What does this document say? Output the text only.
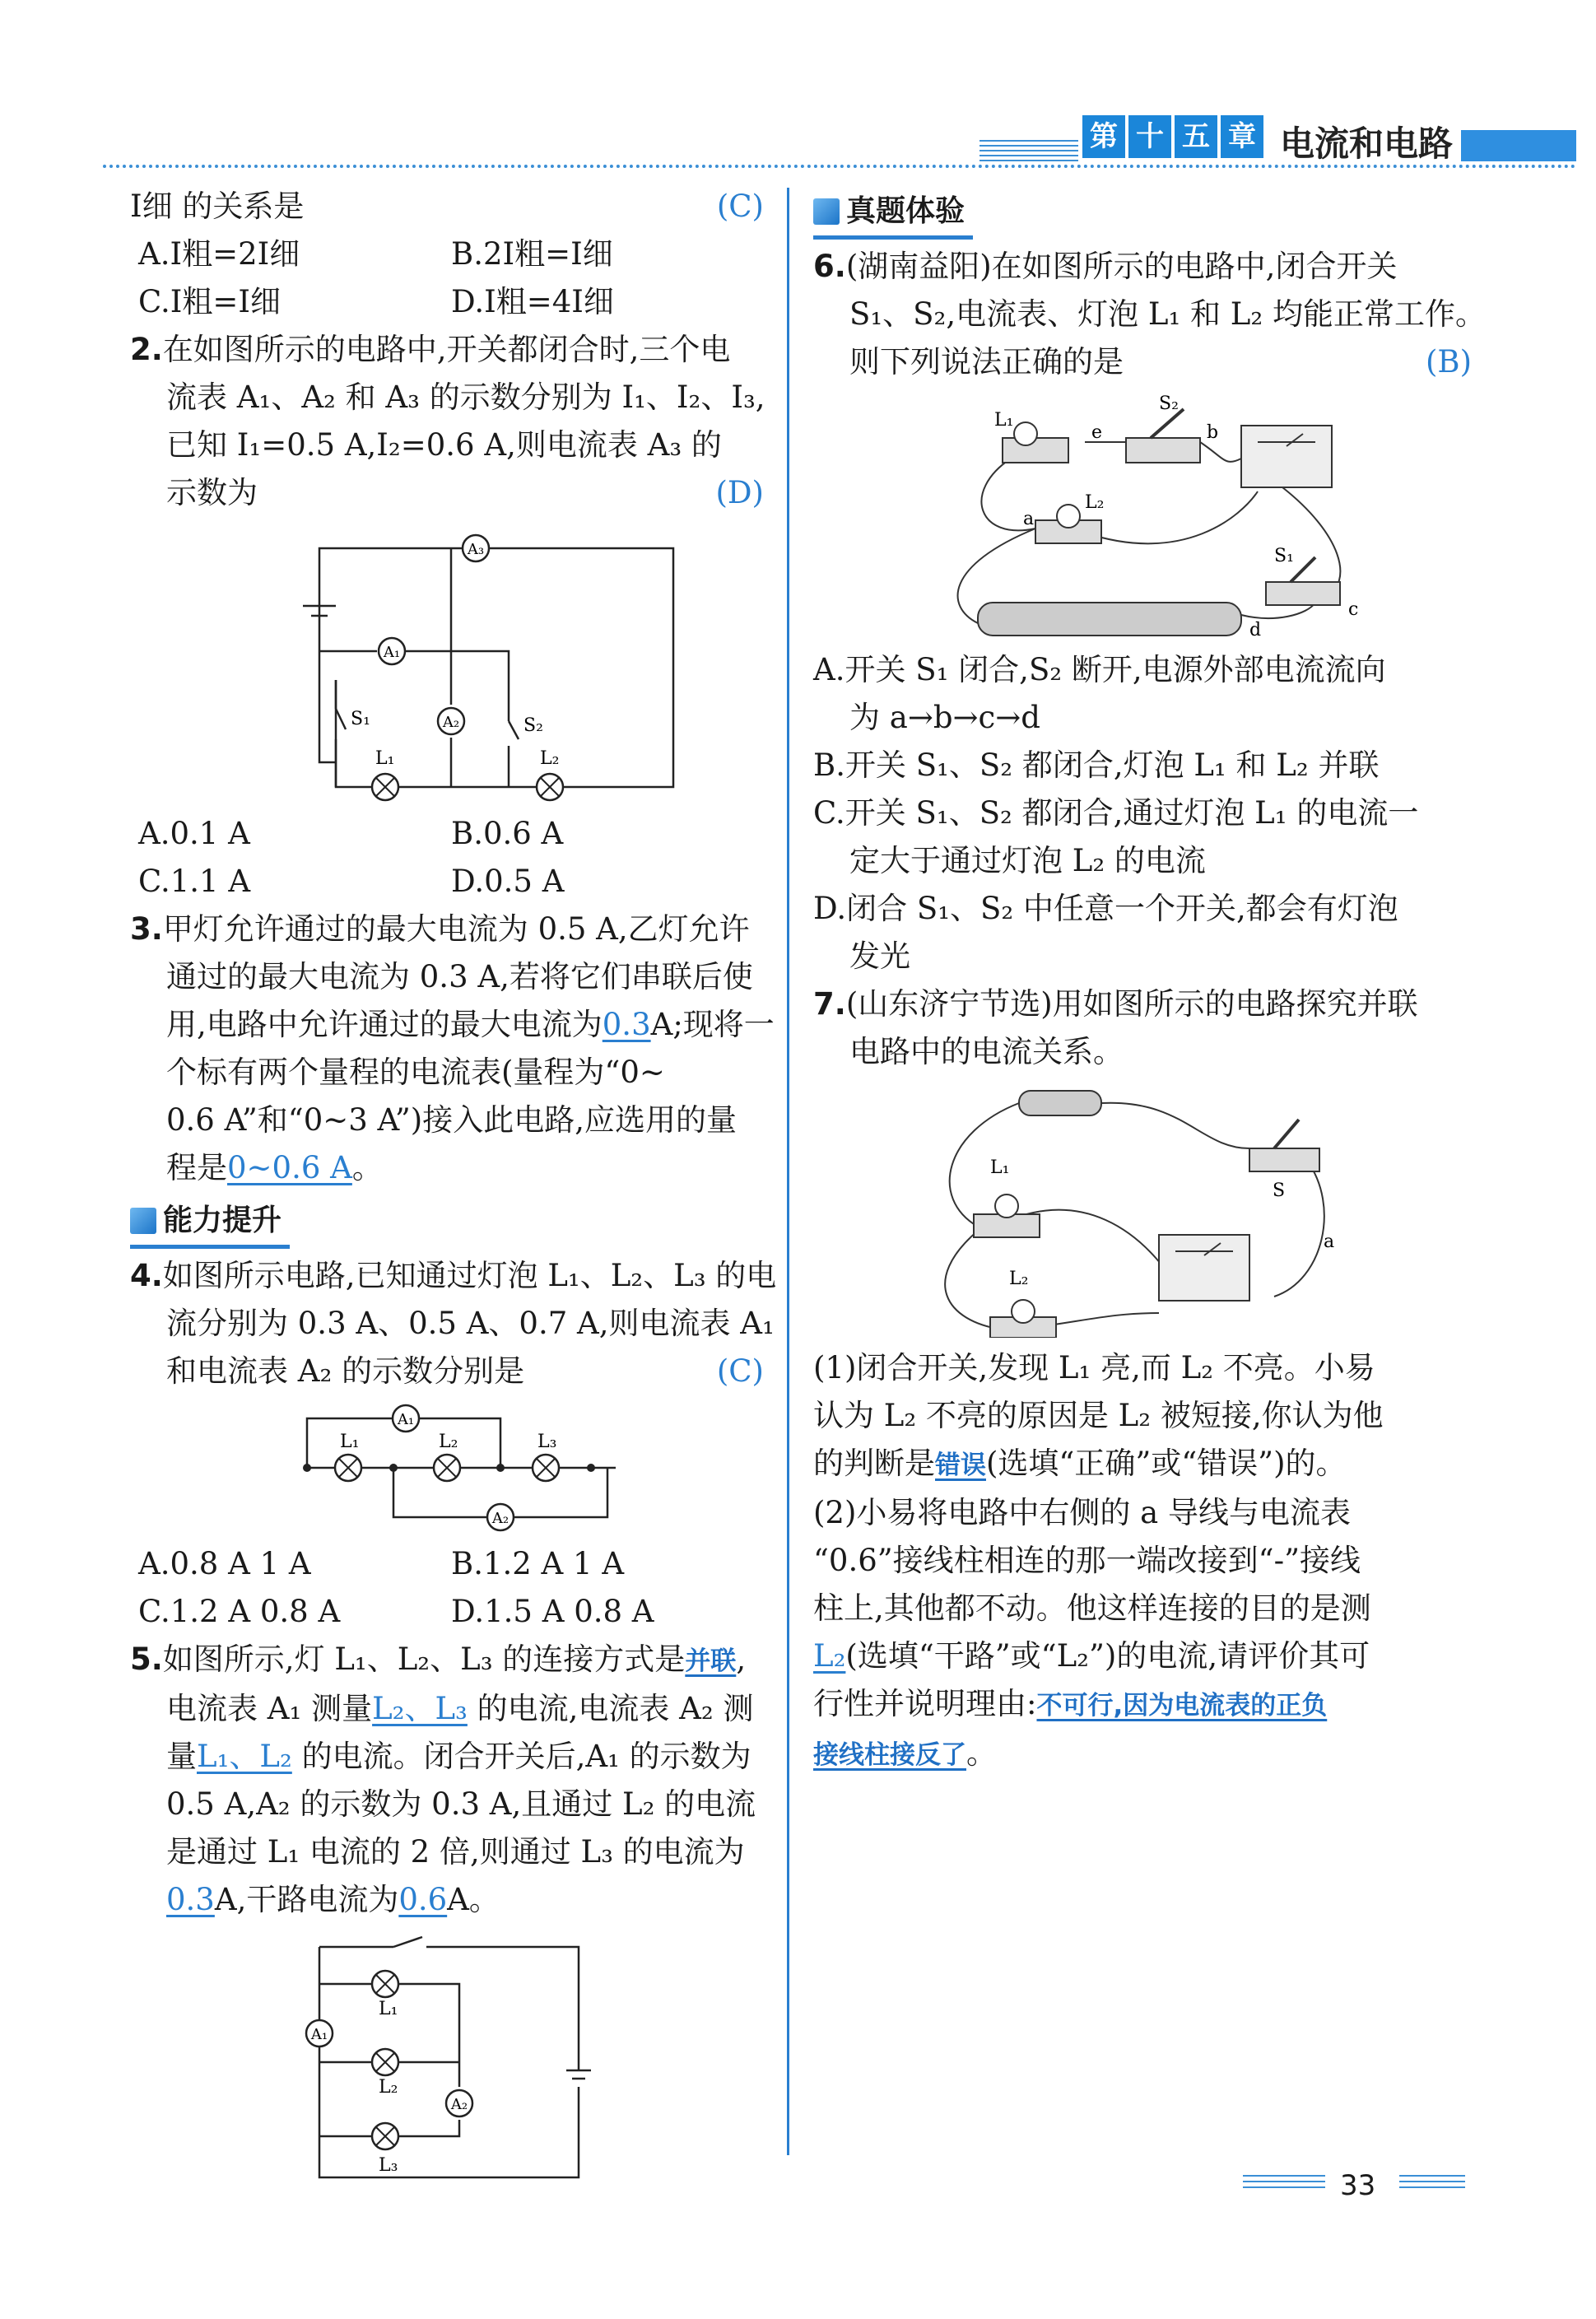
第 十 五 章 电流和电路
I细 的关系是	(C)
A.I粗=2I细	B.2I粗=I细
C.I粗=I细	D.I粗=4I细
2.在如图所示的电路中,开关都闭合时,三个电
流表 A₁、A₂ 和 A₃ 的示数分别为 I₁、I₂、I₃,
已知 I₁=0.5 A,I₂=0.6 A,则电流表 A₃ 的
示数为	(D)
A₃
A₁
A₂
S₁	S₂
L₁	L₂
A.0.1 A	B.0.6 A
C.1.1 A	D.0.5 A
3.甲灯允许通过的最大电流为 0.5 A,乙灯允许
通过的最大电流为 0.3 A,若将它们串联后使
用,电路中允许通过的最大电流为0.3A;现将一
个标有两个量程的电流表(量程为“0~
0.6 A”和“0~3 A”)接入此电路,应选用的量
程是0~0.6 A。
能力提升
4.如图所示电路,已知通过灯泡 L₁、L₂、L₃ 的电
流分别为 0.3 A、0.5 A、0.7 A,则电流表 A₁
和电流表 A₂ 的示数分别是	(C)
A₁
L₁	L₂	L₃
A₂
A.0.8 A 1 A	B.1.2 A 1 A
C.1.2 A 0.8 A	D.1.5 A 0.8 A
5.如图所示,灯 L₁、L₂、L₃ 的连接方式是并联,
电流表 A₁ 测量L₂、L₃ 的电流,电流表 A₂ 测
量L₁、L₂ 的电流。闭合开关后,A₁ 的示数为
0.5 A,A₂ 的示数为 0.3 A,且通过 L₂ 的电流
是通过 L₁ 电流的 2 倍,则通过 L₃ 的电流为
0.3A,干路电流为0.6A。
A₁
L₁
L₂
A₂
L₃
真题体验
6.(湖南益阳)在如图所示的电路中,闭合开关
S₁、S₂,电流表、灯泡 L₁ 和 L₂ 均能正常工作。
则下列说法正确的是	(B)
L₁
e
S₂
b
a
L₂
S₁
c
d
A.开关 S₁ 闭合,S₂ 断开,电源外部电流流向
为 a→b→c→d
B.开关 S₁、S₂ 都闭合,灯泡 L₁ 和 L₂ 并联
C.开关 S₁、S₂ 都闭合,通过灯泡 L₁ 的电流一
定大于通过灯泡 L₂ 的电流
D.闭合 S₁、S₂ 中任意一个开关,都会有灯泡
发光
7.(山东济宁节选)用如图所示的电路探究并联
电路中的电流关系。
L₁
S
L₂
a
(1)闭合开关,发现 L₁ 亮,而 L₂ 不亮。小易
认为 L₂ 不亮的原因是 L₂ 被短接,你认为他
的判断是错误(选填“正确”或“错误”)的。
(2)小易将电路中右侧的 a 导线与电流表
“0.6”接线柱相连的那一端改接到“-”接线
柱上,其他都不动。他这样连接的目的是测
L₂(选填“干路”或“L₂”)的电流,请评价其可
行性并说明理由:不可行,因为电流表的正负
接线柱接反了。
33
